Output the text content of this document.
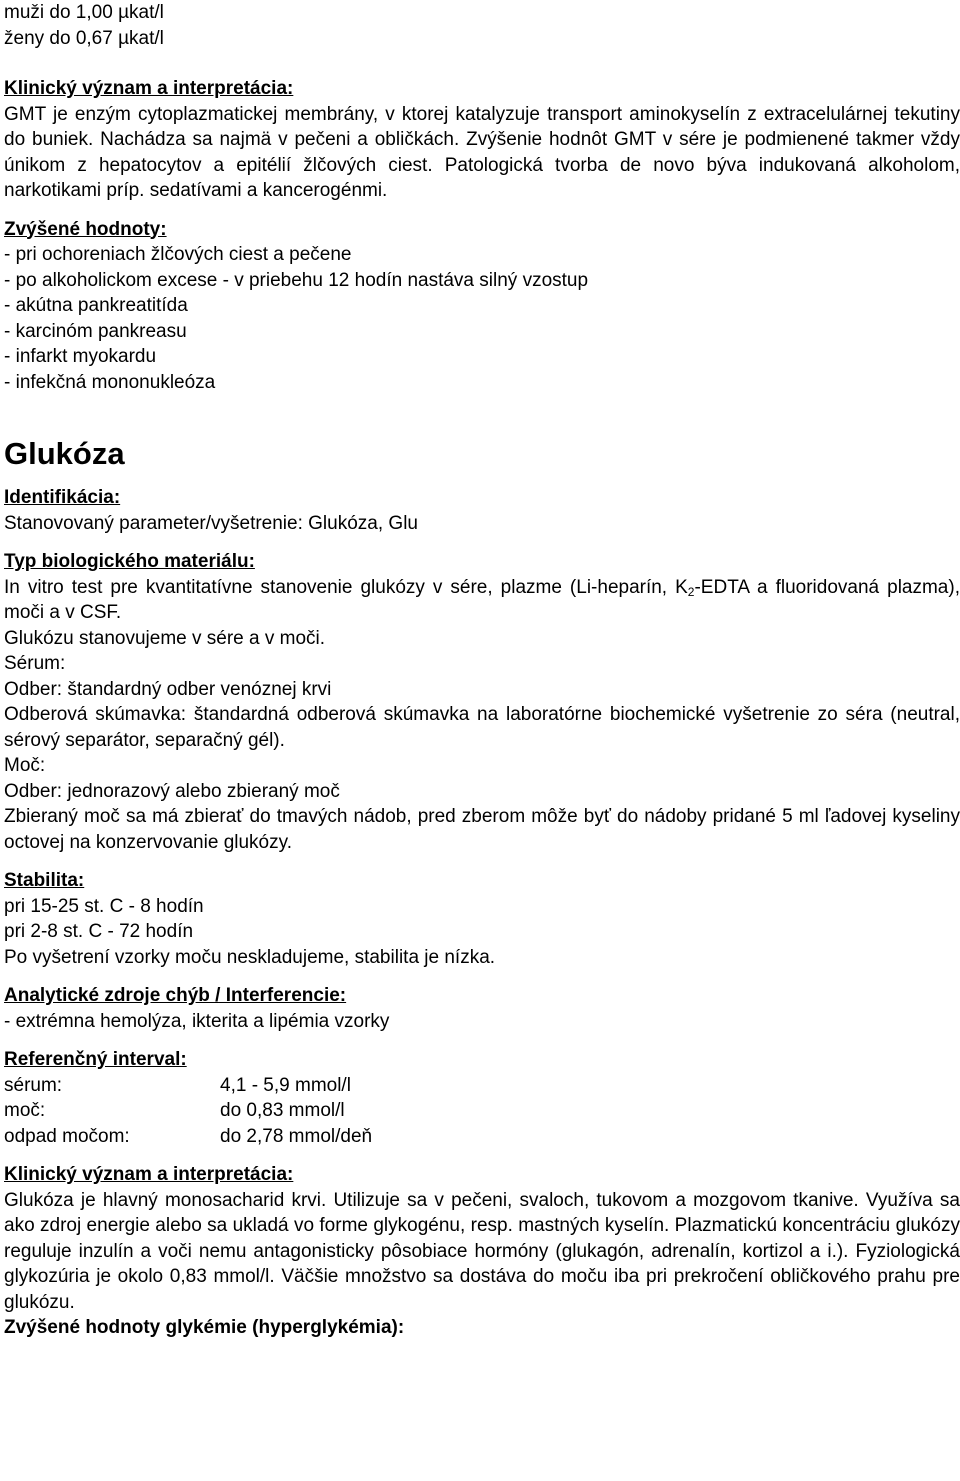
muži do 1,00 µkat/l

ženy do 0,67 µkat/l

Klinický význam a interpretácia:

GMT je enzým cytoplazmatickej membrány, v ktorej katalyzuje transport aminokyselín z extracelulárnej tekutiny do buniek. Nachádza sa najmä v pečeni a obličkách. Zvýšenie hodnôt GMT v sére je podmienené takmer vždy únikom z hepatocytov a epitélií žlčových ciest. Patologická tvorba de novo býva indukovaná alkoholom, narkotikami príp. sedatívami a kancerogénmi.

Zvýšené hodnoty:

- pri ochoreniach žlčových ciest a pečene

- po alkoholickom excese - v priebehu 12 hodín nastáva silný vzostup

- akútna pankreatitída

- karcinóm pankreasu

- infarkt myokardu

- infekčná mononukleóza

Glukóza

Identifikácia:

Stanovovaný parameter/vyšetrenie: Glukóza, Glu

Typ biologického materiálu:

In vitro test pre kvantitatívne stanovenie glukózy v sére, plazme (Li-heparín, $K_2$-EDTA a fluoridovaná plazma), moči a v CSF.

Glukózu stanovujeme v sére a v moči.

Sérum:

Odber: štandardný odber venóznej krvi

Odberová skúmavka: štandardná odberová skúmavka na laboratórne biochemické vyšetrenie zo séra (neutral, sérový separátor, separačný gél).

Moč:

Odber: jednorazový alebo zbieraný moč

Zbieraný moč sa má zbierať do tmavých nádob, pred zberom môže byť do nádoby pridané 5 ml ľadovej kyseliny octovej na konzervovanie glukózy.

Stabilita:

pri 15-25 st. C - 8 hodín

pri 2-8 st. C - 72 hodín

Po vyšetrení vzorky moču neskladujeme, stabilita je nízka.

Analytické zdroje chýb / Interferencie:

- extrémna hemolýza, ikterita a lipémia vzorky

Referenčný interval:

sérum:	4,1 - 5,9 mmol/l
moč:	do 0,83 mmol/l
odpad močom:	do 2,78 mmol/deň

Klinický význam a interpretácia:

Glukóza je hlavný monosacharid krvi. Utilizuje sa v pečeni, svaloch, tukovom a mozgovom tkanive. Využíva sa ako zdroj energie alebo sa ukladá vo forme glykogénu, resp. mastných kyselín. Plazmatickú koncentráciu glukózy reguluje inzulín a voči nemu antagonisticky pôsobiace hormóny (glukagón, adrenalín, kortizol a i.). Fyziologická glykozúria je okolo 0,83 mmol/l. Väčšie množstvo sa dostáva do moču iba pri prekročení obličkového prahu pre glukózu.

Zvýšené hodnoty glykémie (hyperglykémia):
